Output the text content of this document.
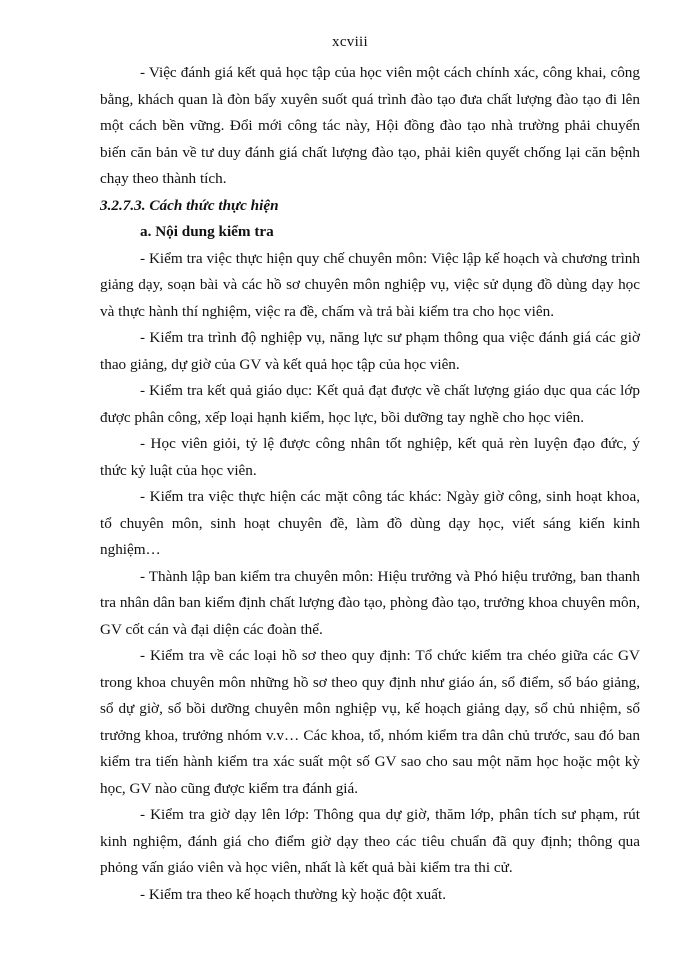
xcviii

- Việc đánh giá kết quả học tập của học viên một cách chính xác, công khai, công bằng, khách quan là đòn bẩy xuyên suốt quá trình đào tạo đưa chất lượng đào tạo đi lên một cách bền vững. Đổi mới công tác này, Hội đồng đào tạo nhà trường phải chuyển biến căn bản về tư duy đánh giá chất lượng đào tạo, phải kiên quyết chống lại căn bệnh chạy theo thành tích.

3.2.7.3. Cách thức thực hiện

a. Nội dung kiểm tra

- Kiểm tra việc thực hiện quy chế chuyên môn: Việc lập kế hoạch và chương trình giảng dạy, soạn bài và các hồ sơ chuyên môn nghiệp vụ, việc sử dụng đồ dùng dạy học và thực hành thí nghiệm, việc ra đề, chấm và trả bài kiểm tra cho học viên.

- Kiểm tra trình độ nghiệp vụ, năng lực sư phạm thông qua việc đánh giá các giờ thao giảng, dự giờ của GV và kết quả học tập của học viên.

- Kiểm tra kết quả giáo dục: Kết quả đạt được về chất lượng giáo dục qua các lớp được phân công, xếp loại hạnh kiểm, học lực, bồi dưỡng tay nghề cho học viên.

- Học viên giỏi, tỷ lệ được công nhân tốt nghiệp, kết quả rèn luyện đạo đức, ý thức kỷ luật của học viên.

- Kiểm tra việc thực hiện các mặt công tác khác: Ngày giờ công, sinh hoạt khoa, tổ chuyên môn, sinh hoạt chuyên đề, làm đồ dùng dạy học, viết sáng kiến kinh nghiệm…

- Thành lập ban kiểm tra chuyên môn: Hiệu trưởng và Phó hiệu trưởng, ban thanh tra nhân dân ban kiểm định chất lượng đào tạo, phòng đào tạo, trưởng khoa chuyên môn, GV cốt cán và đại diện các đoàn thể.

- Kiểm tra về các loại hồ sơ theo quy định: Tổ chức kiểm tra chéo giữa các GV trong khoa chuyên môn những hồ sơ theo quy định như giáo án, sổ điểm, sổ báo giảng, sổ dự giờ, sổ bồi dưỡng chuyên môn nghiệp vụ, kế hoạch giảng dạy, sổ chủ nhiệm, sổ trưởng khoa, trưởng nhóm v.v… Các khoa, tổ, nhóm kiểm tra dân chủ trước, sau đó ban kiểm tra tiến hành kiểm tra xác suất một số GV sao cho sau một năm học hoặc một kỳ học, GV nào cũng được kiểm tra đánh giá.

- Kiểm tra giờ dạy lên lớp: Thông qua dự giờ, thăm lớp, phân tích sư phạm, rút kinh nghiệm, đánh giá cho điểm giờ dạy theo các tiêu chuẩn đã quy định; thông qua phỏng vấn giáo viên và học viên, nhất là kết quả bài kiểm tra thi cử.

- Kiểm tra theo kế hoạch thường kỳ hoặc đột xuất.
